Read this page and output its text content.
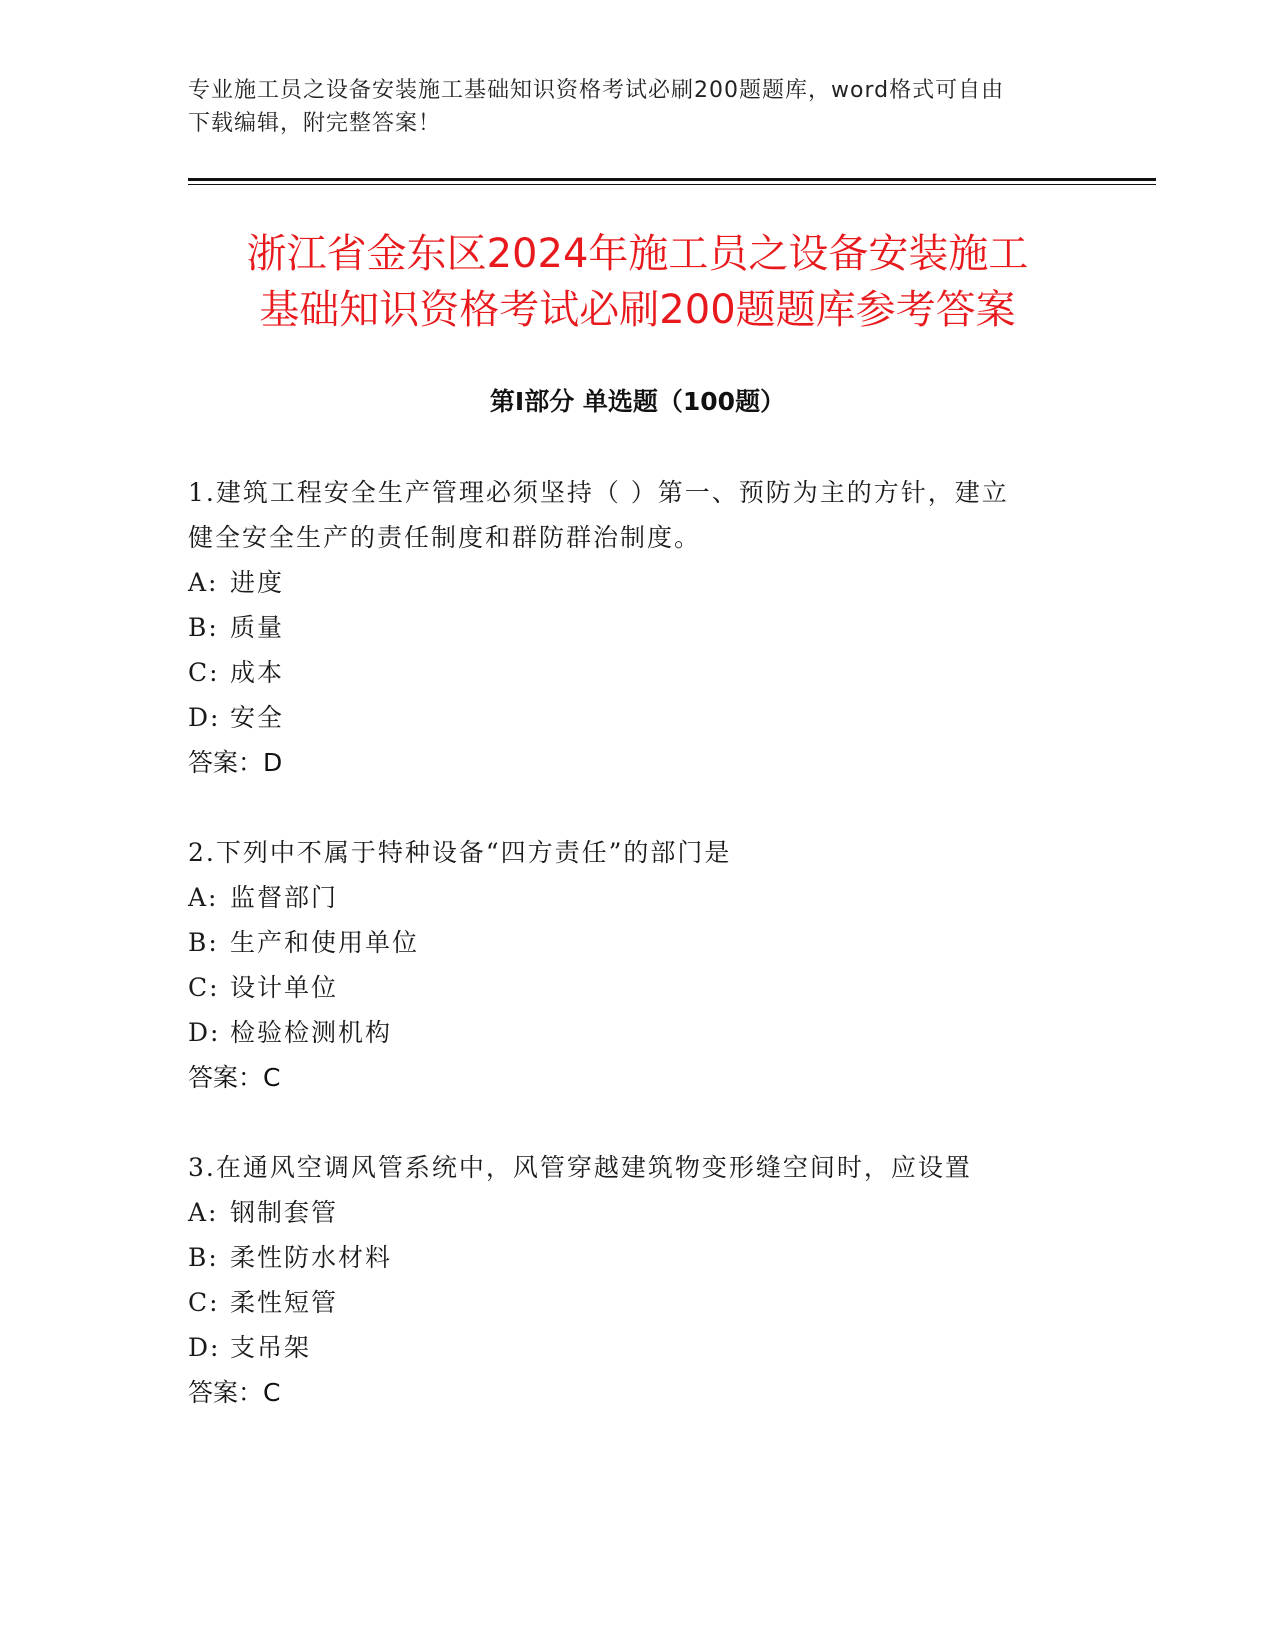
专业施工员之设备安装施工基础知识资格考试必刷200题题库，word格式可自由
下载编辑，附完整答案！
浙江省金东区2024年施工员之设备安装施工
基础知识资格考试必刷200题题库参考答案
第Ⅰ部分 单选题（100题）
1.建筑工程安全生产管理必须坚持（ ）第一、预防为主的方针，建立
健全安全生产的责任制度和群防群治制度。
A: 进度
B: 质量
C: 成本
D: 安全
答案：D
2.下列中不属于特种设备“四方责任”的部门是
A: 监督部门
B: 生产和使用单位
C: 设计单位
D: 检验检测机构
答案：C
3.在通风空调风管系统中，风管穿越建筑物变形缝空间时，应设置
A: 钢制套管
B: 柔性防水材料
C: 柔性短管
D: 支吊架
答案：C
